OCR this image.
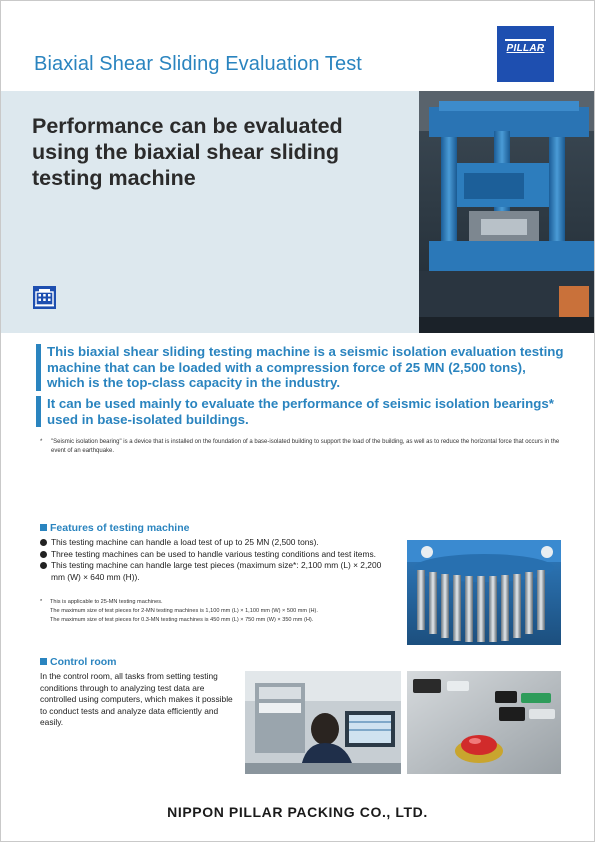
Biaxial Shear Sliding Evaluation Test
PILLAR
Performance can be evaluated using the biaxial shear sliding testing machine

This biaxial shear sliding testing machine is a seismic isolation evaluation testing machine that can be loaded with a compression force of 25 MN (2,500 tons), which is the top-class capacity in the industry.

It can be used mainly to evaluate the performance of seismic isolation bearings* used in base-isolated buildings.

*	"Seismic isolation bearing" is a device that is installed on the foundation of a base-isolated building to support the load of the building, as well as to reduce the horizontal force that occurs in the event of an earthquake.
Features of testing machine
This testing machine can handle a load test of up to 25 MN (2,500 tons).
Three testing machines can be used to handle various testing conditions and test items.
This testing machine can handle large test pieces (maximum size*: 2,100 mm (L) × 2,200 mm (W) × 640 mm (H)).
*	This is applicable to 25-MN testing machines.
The maximum size of test pieces for 2-MN testing machines is 1,100 mm (L) × 1,100 mm (W) × 500 mm (H).
The maximum size of test pieces for 0.3-MN testing machines is 450 mm (L) × 750 mm (W) × 350 mm (H).
Control room

In the control room, all tasks from setting testing conditions through to analyzing test data are controlled using computers, which makes it possible to conduct tests and analyze data efficiently and easily.

NIPPON PILLAR PACKING CO., LTD.
